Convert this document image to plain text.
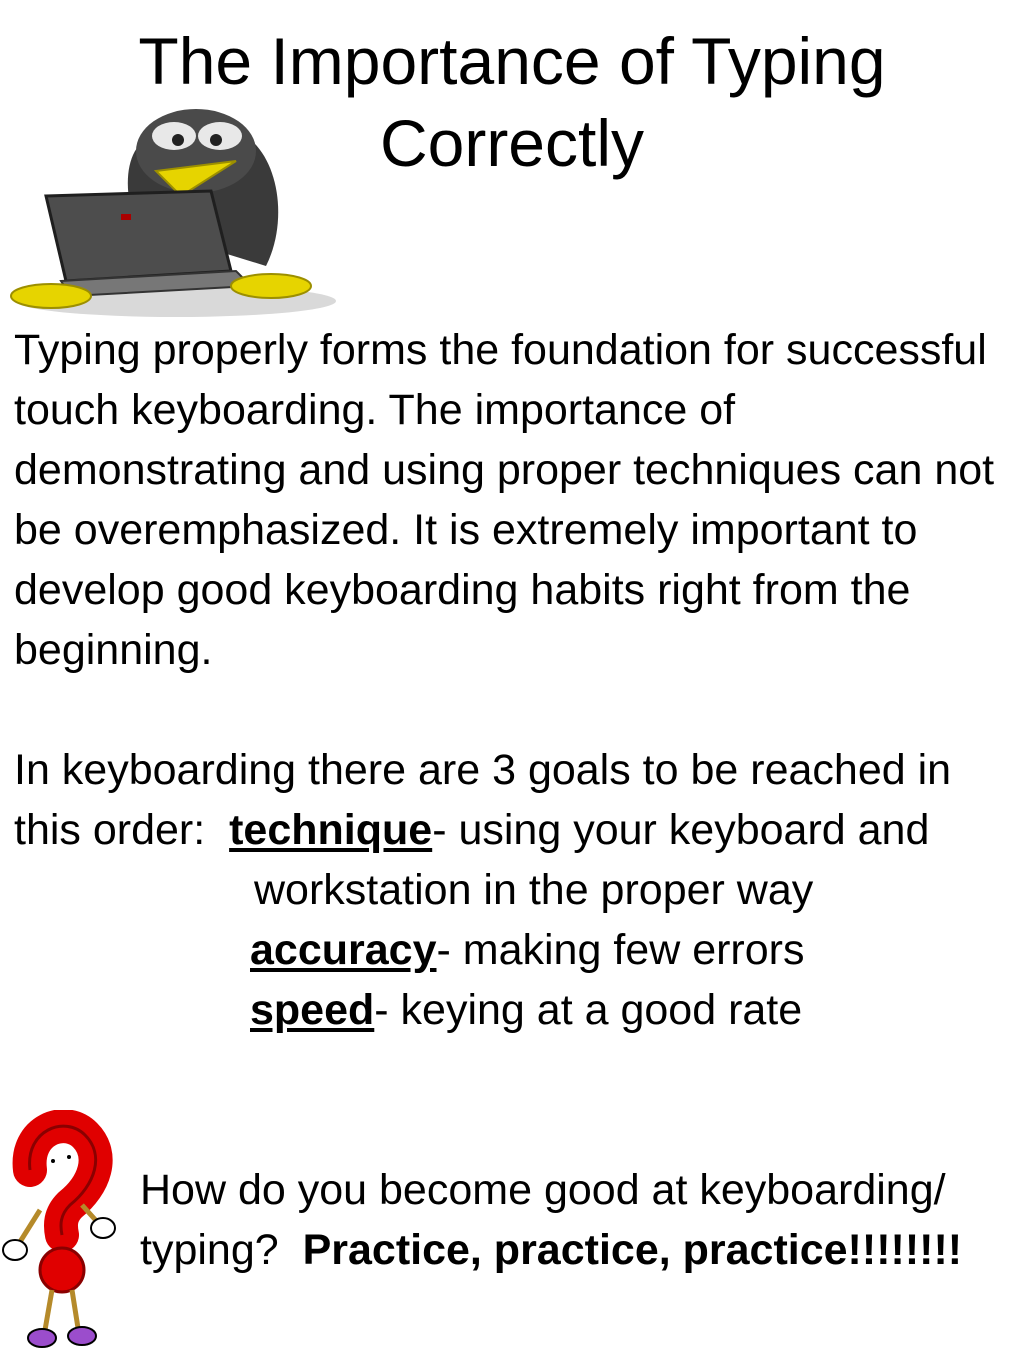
The Importance of Typing Correctly

Typing properly forms the foundation for successful touch keyboarding. The importance of demonstrating and using proper techniques can not be overemphasized. It is extremely important to develop good keyboarding habits right from the beginning.

In keyboarding there are 3 goals to be reached in this order: technique- using your keyboard and

workstation in the proper way

accuracy- making few errors

speed- keying at a good rate

How do you become good at keyboarding/ typing? Practice, practice, practice!!!!!!!!
